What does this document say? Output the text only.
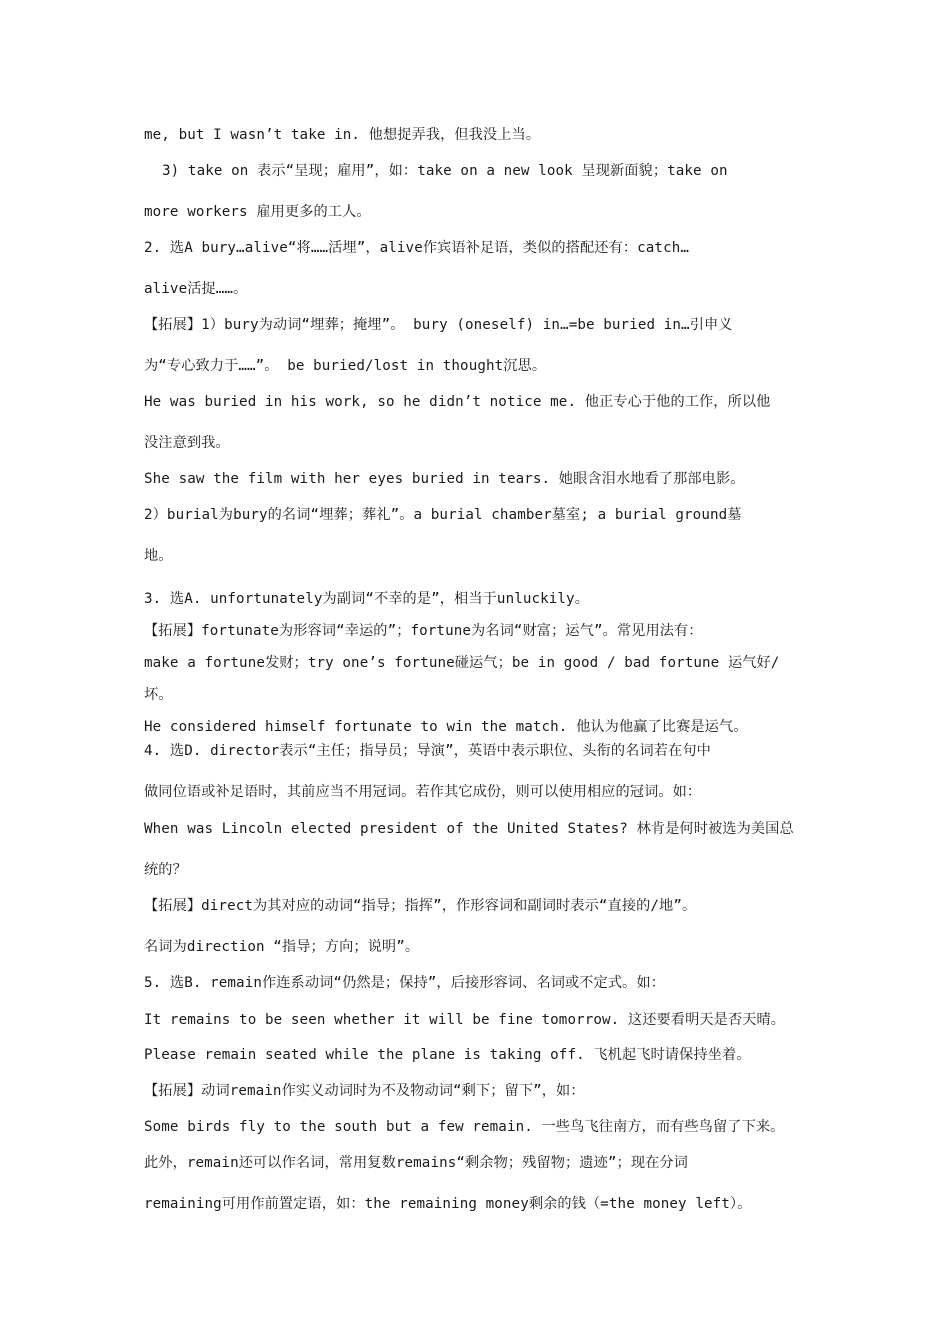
me, but I wasn’t take in. 他想捉弄我，但我没上当。
3) take on 表示“呈现；雇用”，如：take on a new look 呈现新面貌；take on
more workers 雇用更多的工人。
2. 选A bury…alive“将……活埋”，alive作宾语补足语，类似的搭配还有：catch…
alive活捉……。
【拓展】1）bury为动词“埋葬；掩埋”。 bury (oneself) in…=be buried in…引申义
为“专心致力于……”。 be buried/lost in thought沉思。
He was buried in his work, so he didn’t notice me. 他正专心于他的工作，所以他
没注意到我。
She saw the film with her eyes buried in tears. 她眼含泪水地看了那部电影。
2）burial为bury的名词“埋葬；葬礼”。a burial chamber墓室; a burial ground墓
地。
3. 选A. unfortunately为副词“不幸的是”，相当于unluckily。
【拓展】fortunate为形容词“幸运的”；fortune为名词“财富；运气”。常见用法有：
make a fortune发财；try one’s fortune碰运气；be in good / bad fortune 运气好/
坏。
He considered himself fortunate to win the match. 他认为他赢了比赛是运气。
4. 选D. director表示“主任；指导员；导演”，英语中表示职位、头衔的名词若在句中
做同位语或补足语时，其前应当不用冠词。若作其它成份，则可以使用相应的冠词。如：
When was Lincoln elected president of the United States? 林肯是何时被选为美国总
统的？
【拓展】direct为其对应的动词“指导；指挥”，作形容词和副词时表示“直接的/地”。
名词为direction “指导；方向；说明”。
5. 选B. remain作连系动词“仍然是；保持”，后接形容词、名词或不定式。如：
It remains to be seen whether it will be fine tomorrow. 这还要看明天是否天晴。
Please remain seated while the plane is taking off. 飞机起飞时请保持坐着。
【拓展】动词remain作实义动词时为不及物动词“剩下；留下”，如：
Some birds fly to the south but a few remain. 一些鸟飞往南方，而有些鸟留了下来。
此外，remain还可以作名词，常用复数remains“剩余物；残留物；遗迹”；现在分词
remaining可用作前置定语，如：the remaining money剩余的钱（=the money left）。
